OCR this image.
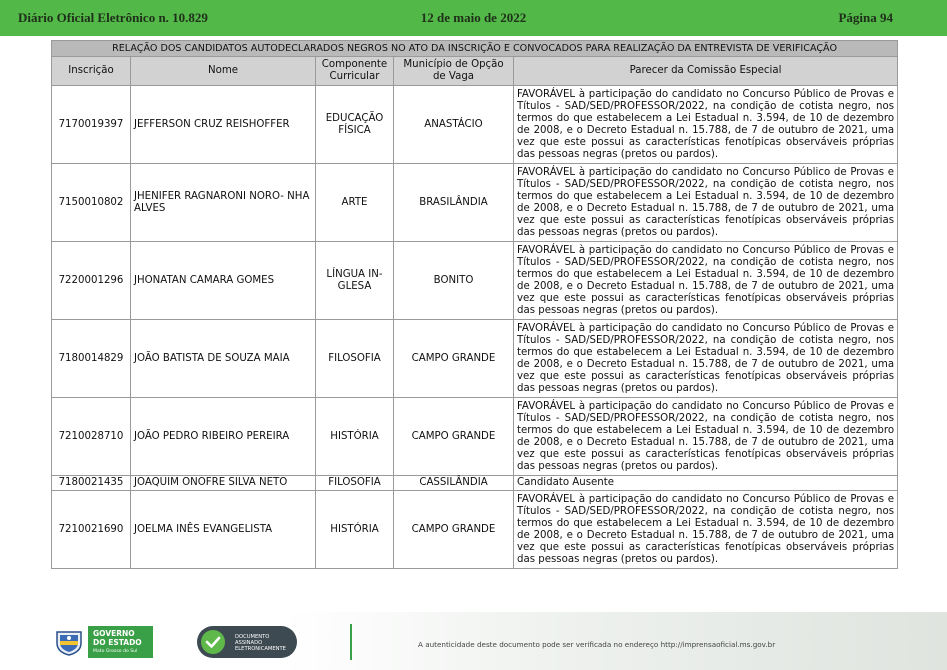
Diário Oficial Eletrônico n. 10.829	12 de maio de 2022	Página 94
RELAÇÃO DOS CANDIDATOS AUTODECLARADOS NEGROS NO ATO DA INSCRIÇÃO E CONVOCADOS PARA REALIZAÇÃO DA ENTREVISTA DE VERIFICAÇÃO				
Inscrição	Nome	Componente Curricular	Município de Opção de Vaga	Parecer da Comissão Especial
7170019397	JEFFERSON CRUZ REISHOFFER	EDUCAÇÃO FÍSICA	ANASTÁCIO	FAVORÁVEL à participação do candidato no Concurso Público de Provas e Títulos - SAD/SED/PROFESSOR/2022, na condição de cotista negro, nos termos do que estabelecem a Lei Estadual n. 3.594, de 10 de dezembro de 2008, e o Decreto Estadual n. 15.788, de 7 de outubro de 2021, uma vez que este possui as características fenotípicas observáveis próprias das pessoas negras (pretos ou pardos).
7150010802	JHENIFER RAGNARONI NORO- NHA ALVES	ARTE	BRASILÂNDIA	FAVORÁVEL à participação do candidato no Concurso Público de Provas e Títulos - SAD/SED/PROFESSOR/2022, na condição de cotista negro, nos termos do que estabelecem a Lei Estadual n. 3.594, de 10 de dezembro de 2008, e o Decreto Estadual n. 15.788, de 7 de outubro de 2021, uma vez que este possui as características fenotípicas observáveis próprias das pessoas negras (pretos ou pardos).
7220001296	JHONATAN CAMARA GOMES	LÍNGUA IN- GLESA	BONITO	FAVORÁVEL à participação do candidato no Concurso Público de Provas e Títulos - SAD/SED/PROFESSOR/2022, na condição de cotista negro, nos termos do que estabelecem a Lei Estadual n. 3.594, de 10 de dezembro de 2008, e o Decreto Estadual n. 15.788, de 7 de outubro de 2021, uma vez que este possui as características fenotípicas observáveis próprias das pessoas negras (pretos ou pardos).
7180014829	JOÃO BATISTA DE SOUZA MAIA	FILOSOFIA	CAMPO GRANDE	FAVORÁVEL à participação do candidato no Concurso Público de Provas e Títulos - SAD/SED/PROFESSOR/2022, na condição de cotista negro, nos termos do que estabelecem a Lei Estadual n. 3.594, de 10 de dezembro de 2008, e o Decreto Estadual n. 15.788, de 7 de outubro de 2021, uma vez que este possui as características fenotípicas observáveis próprias das pessoas negras (pretos ou pardos).
7210028710	JOÃO PEDRO RIBEIRO PEREIRA	HISTÓRIA	CAMPO GRANDE	FAVORÁVEL à participação do candidato no Concurso Público de Provas e Títulos - SAD/SED/PROFESSOR/2022, na condição de cotista negro, nos termos do que estabelecem a Lei Estadual n. 3.594, de 10 de dezembro de 2008, e o Decreto Estadual n. 15.788, de 7 de outubro de 2021, uma vez que este possui as características fenotípicas observáveis próprias das pessoas negras (pretos ou pardos).
7180021435	JOAQUIM ONOFRE SILVA NETO	FILOSOFIA	CASSILÂNDIA	Candidato Ausente
7210021690	JOELMA INÊS EVANGELISTA	HISTÓRIA	CAMPO GRANDE	FAVORÁVEL à participação do candidato no Concurso Público de Provas e Títulos - SAD/SED/PROFESSOR/2022, na condição de cotista negro, nos termos do que estabelecem a Lei Estadual n. 3.594, de 10 de dezembro de 2008, e o Decreto Estadual n. 15.788, de 7 de outubro de 2021, uma vez que este possui as características fenotípicas observáveis próprias das pessoas negras (pretos ou pardos).
GOVERNO
DO ESTADO
Mato Grosso do Sul
DOCUMENTO
ASSINADO
ELETRONICAMENTE	A autenticidade deste documento pode ser verificada no endereço http://imprensaoficial.ms.gov.br
